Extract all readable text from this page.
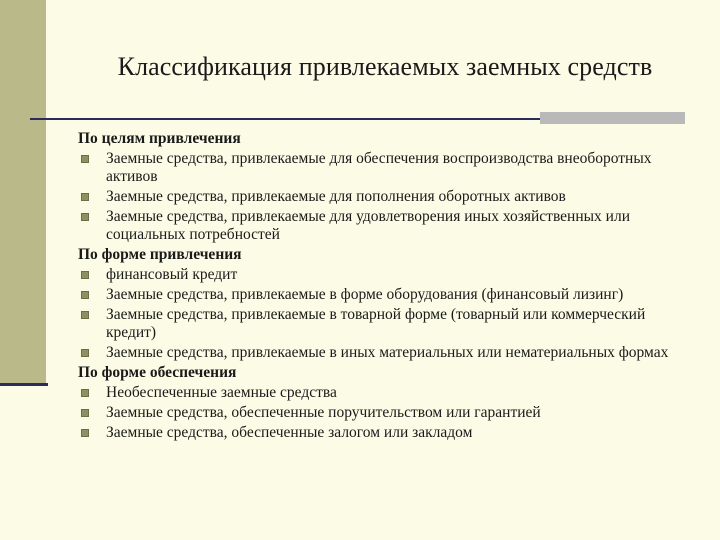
Классификация привлекаемых заемных средств
По целям привлечения
Заемные средства, привлекаемые для обеспечения воспроизводства внеоборотных активов
Заемные средства, привлекаемые для пополнения оборотных активов
Заемные средства, привлекаемые для удовлетворения иных хозяйственных или социальных потребностей
По форме привлечения
финансовый кредит
Заемные средства, привлекаемые в форме оборудования (финансовый лизинг)
Заемные средства, привлекаемые в товарной форме (товарный или коммерческий кредит)
Заемные средства, привлекаемые в иных материальных или нематериальных формах
По форме обеспечения
Необеспеченные заемные средства
Заемные средства, обеспеченные поручительством или гарантией
Заемные средства, обеспеченные залогом или закладом
